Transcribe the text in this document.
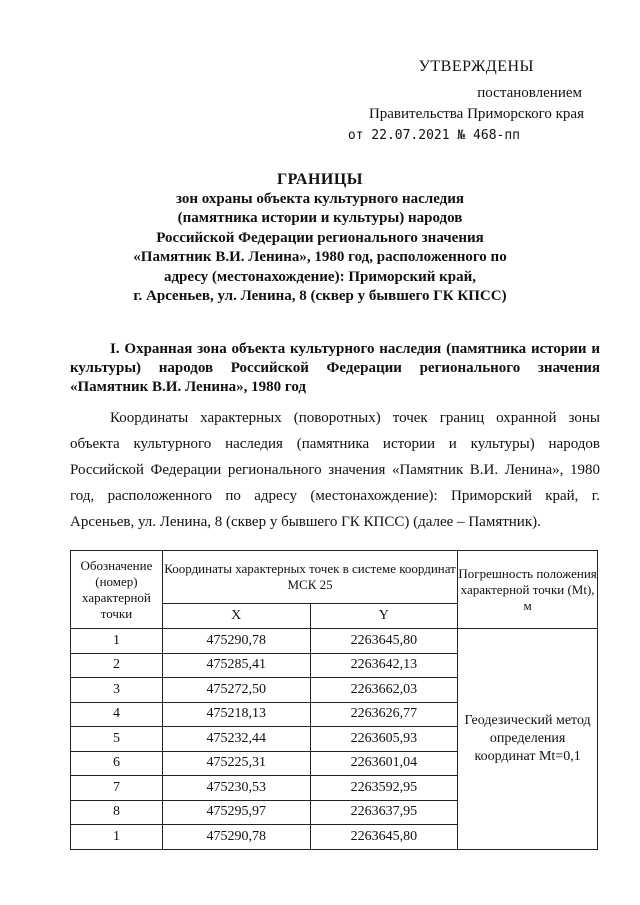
УТВЕРЖДЕНЫ
постановлением
Правительства Приморского края
от 22.07.2021 № 468-пп
ГРАНИЦЫ
зон охраны объекта культурного наследия
(памятника истории и культуры) народов
Российской Федерации регионального значения
«Памятник В.И. Ленина», 1980 год, расположенного по
адресу (местонахождение): Приморский край,
г. Арсеньев, ул. Ленина, 8 (сквер у бывшего ГК КПСС)
I. Охранная зона объекта культурного наследия (памятника истории и культуры) народов Российской Федерации регионального значения «Памятник В.И. Ленина», 1980 год

Координаты характерных (поворотных) точек границ охранной зоны объекта культурного наследия (памятника истории и культуры) народов Российской Федерации регионального значения «Памятник В.И. Ленина», 1980 год, расположенного по адресу (местонахождение): Приморский край, г. Арсеньев, ул. Ленина, 8 (сквер у бывшего ГК КПСС) (далее – Памятник).

Обозначение (номер) характерной точки	Координаты характерных точек в системе координат МСК 25		Погрешность положения характерной точки (Mt), м
	X	Y	
1	475290,78	2263645,80	Геодезический метод определения координат Mt=0,1
2	475285,41	2263642,13	
3	475272,50	2263662,03	
4	475218,13	2263626,77	
5	475232,44	2263605,93	
6	475225,31	2263601,04	
7	475230,53	2263592,95	
8	475295,97	2263637,95	
1	475290,78	2263645,80	
